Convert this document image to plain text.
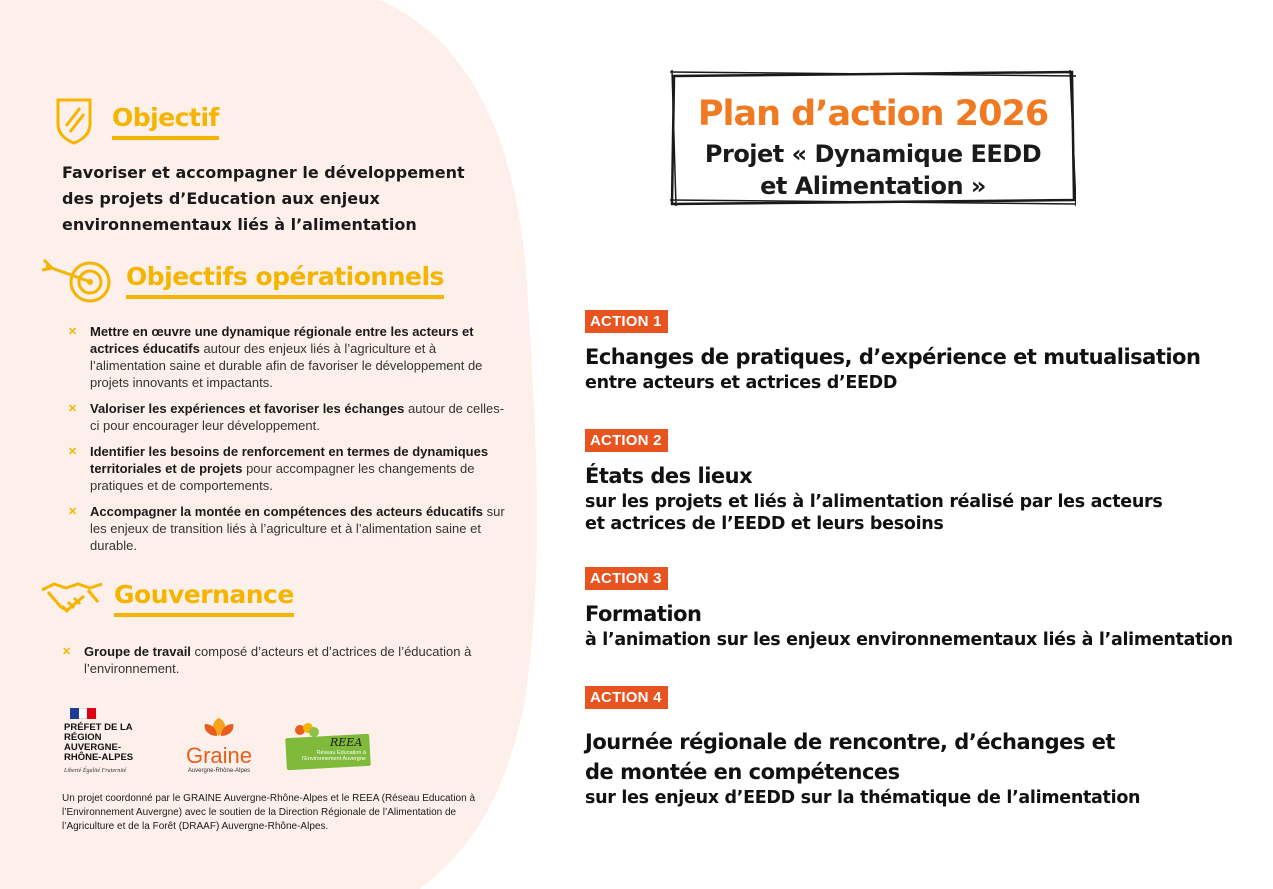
Objectif
Favoriser et accompagner le développement des projets d’Education aux enjeux environnementaux liés à l’alimentation
Objectifs opérationnels
✕ Mettre en œuvre une dynamique régionale entre les acteurs et actrices éducatifs autour des enjeux liés à l’agriculture et à l’alimentation saine et durable afin de favoriser le développement de projets innovants et impactants.
✕ Valoriser les expériences et favoriser les échanges autour de celles-ci pour encourager leur développement.
✕ Identifier les besoins de renforcement en termes de dynamiques territoriales et de projets pour accompagner les changements de pratiques et de comportements.
✕ Accompagner la montée en compétences des acteurs éducatifs sur les enjeux de transition liés à l’agriculture et à l’alimentation saine et durable.
Gouvernance
✕ Groupe de travail composé d’acteurs et d’actrices de l’éducation à l’environnement.
PRÉFET DE LA RÉGION AUVERGNE- RHÔNE-ALPES
Liberté Égalité Fraternité
Graine
Auvergne-Rhône-Alpes
REEA
Réseau Education à l’Environnement Auvergne
Un projet coordonné par le GRAINE Auvergne-Rhône-Alpes et le REEA (Réseau Education à l’Environnement Auvergne) avec le soutien de la Direction Régionale de l’Alimentation de l’Agriculture et de la Forêt (DRAAF) Auvergne-Rhône-Alpes.
Plan d’action 2026
Projet « Dynamique EEDD
et Alimentation »
ACTION 1
Echanges de pratiques, d’expérience et mutualisation
entre acteurs et actrices d’EEDD
ACTION 2
États des lieux
sur les projets et liés à l’alimentation réalisé par les acteurs et actrices de l’EEDD et leurs besoins
ACTION 3
Formation
à l’animation sur les enjeux environnementaux liés à l’alimentation
ACTION 4
Journée régionale de rencontre, d’échanges et de montée en compétences
sur les enjeux d’EEDD sur la thématique de l’alimentation
